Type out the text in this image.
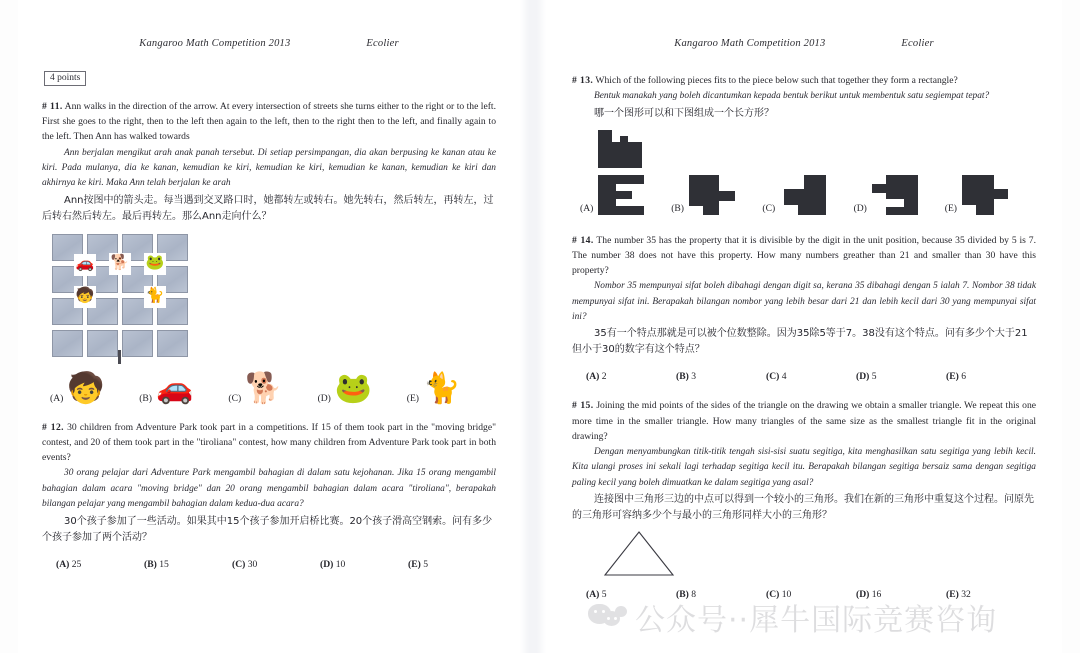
Kangaroo Math Competition 2013	Ecolier
4 points
# 11. Ann walks in the direction of the arrow. At every intersection of streets she turns either to the right or to the left. First she goes to the right, then to the left then again to the left, then to the right then to the left, and finally again to the left. Then Ann has walked towards
Ann berjalan mengikut arah anak panah tersebut. Di setiap persimpangan, dia akan berpusing ke kanan atau ke kiri. Pada mulanya, dia ke kanan, kemudian ke kiri, kemudian ke kiri, kemudian ke kanan, kemudian ke kiri dan akhirnya ke kiri. Maka Ann telah berjalan ke arah
Ann按图中的箭头走。每当遇到交叉路口时，她都转左或转右。她先转右，然后转左，再转左，过后转右然后转左。最后再转左。那么Ann走向什么？
🚗 🐕 🐸
🧒	🐈
(A) 🧒	(B) 🚗	(C) 🐕	(D) 🐸	(E) 🐈
# 12. 30 children from Adventure Park took part in a competitions. If 15 of them took part in the "moving bridge" contest, and 20 of them took part in the "tiroliana" contest, how many children from Adventure Park took part in both events?
30 orang pelajar dari Adventure Park mengambil bahagian di dalam satu kejohanan. Jika 15 orang mengambil bahagian dalam acara "moving bridge" dan 20 orang mengambil bahagian dalam acara "tiroliana", berapakah bilangan pelajar yang mengambil bahagian dalam kedua-dua acara?
30个孩子参加了一些活动。如果其中15个孩子参加开启桥比赛。20个孩子滑高空钢索。问有多少个孩子参加了两个活动？
(A) 25	(B) 15	(C) 30	(D) 10	(E) 5
Kangaroo Math Competition 2013	Ecolier
# 13. Which of the following pieces fits to the piece below such that together they form a rectangle?
Bentuk manakah yang boleh dicantumkan kepada bentuk berikut untuk membentuk satu segiempat tepat?
哪一个图形可以和下图组成一个长方形？
(A)	(B)	(C)	(D)	(E)
# 14. The number 35 has the property that it is divisible by the digit in the unit position, because 35 divided by 5 is 7. The number 38 does not have this property. How many numbers greather than 21 and smaller than 30 have this property?
Nombor 35 mempunyai sifat boleh dibahagi dengan digit sa, kerana 35 dibahagi dengan 5 ialah 7. Nombor 38 tidak mempunyai sifat ini. Berapakah bilangan nombor yang lebih besar dari 21 dan lebih kecil dari 30 yang mempunyai sifat ini?
35有一个特点那就是可以被个位数整除。因为35除5等于7。38没有这个特点。问有多少个大于21但小于30的数字有这个特点？
(A) 2	(B) 3	(C) 4	(D) 5	(E) 6
# 15. Joining the mid points of the sides of the triangle on the drawing we obtain a smaller triangle. We repeat this one more time in the smaller triangle. How many triangles of the same size as the smallest triangle fit in the original drawing?
Dengan menyambungkan titik-titik tengah sisi-sisi suatu segitiga, kita menghasilkan satu segitiga yang lebih kecil. Kita ulangi proses ini sekali lagi terhadap segitiga kecil itu. Berapakah bilangan segitiga bersaiz sama dengan segitiga paling kecil yang boleh dimuatkan ke dalam segitiga yang asal?
连接图中三角形三边的中点可以得到一个较小的三角形。我们在新的三角形中重复这个过程。问原先的三角形可容纳多少个与最小的三角形同样大小的三角形？
(A) 5	(B) 8	(C) 10	(D) 16	(E) 32
公众号··犀牛国际竞赛咨询
